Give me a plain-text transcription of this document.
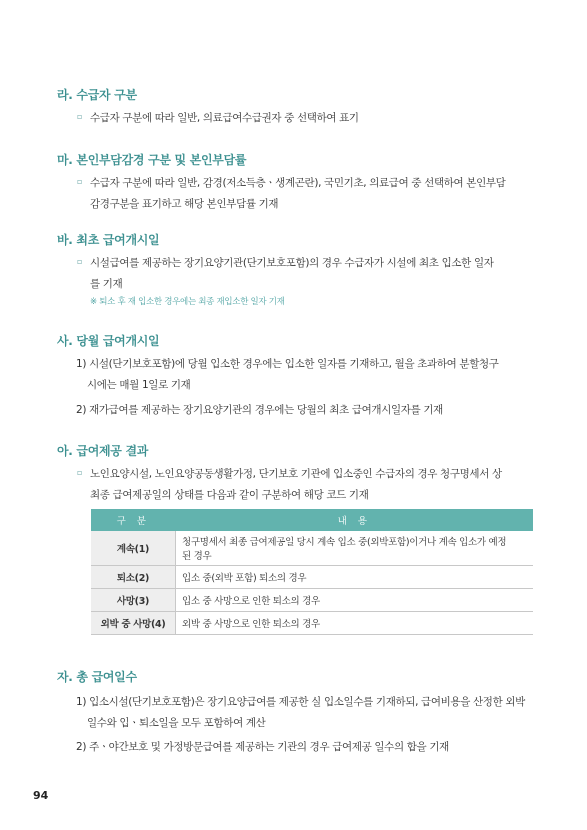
라. 수급자 구분
▫ 수급자 구분에 따라 일반, 의료급여수급권자 중 선택하여 표기
마. 본인부담감경 구분 및 본인부담률
▫ 수급자 구분에 따라 일반, 감경(저소득층ㆍ생계곤란), 국민기초, 의료급여 중 선택하여 본인부담
감경구분을 표기하고 해당 본인부담률 기재
바. 최초 급여개시일
▫ 시설급여를 제공하는 장기요양기관(단기보호포함)의 경우 수급자가 시설에 최초 입소한 일자
를 기재
※ 퇴소 후 재 입소한 경우에는 최종 재입소한 일자 기재
사. 당월 급여개시일
1) 시설(단기보호포함)에 당월 입소한 경우에는 입소한 일자를 기재하고, 월을 초과하여 분할청구
시에는 매월 1일로 기재
2) 재가급여를 제공하는 장기요양기관의 경우에는 당월의 최초 급여개시일자를 기재
아. 급여제공 결과
▫ 노인요양시설, 노인요양공동생활가정, 단기보호 기관에 입소중인 수급자의 경우 청구명세서 상
최종 급여제공일의 상태를 다음과 같이 구분하여 해당 코드 기재
구 분	내 용
계속(1)	청구명세서 최종 급여제공일 당시 계속 입소 중(외박포함)이거나 계속 입소가 예정
된 경우

퇴소(2)	입소 중(외박 포함) 퇴소의 경우
사망(3)	입소 중 사망으로 인한 퇴소의 경우
외박 중 사망(4)	외박 중 사망으로 인한 퇴소의 경우
자. 총 급여일수
1) 입소시설(단기보호포함)은 장기요양급여를 제공한 실 입소일수를 기재하되, 급여비용을 산정한 외박
일수와 입ㆍ퇴소일을 모두 포함하여 계산
2) 주ㆍ야간보호 및 가정방문급여를 제공하는 기관의 경우 급여제공 일수의 합을 기재
94
